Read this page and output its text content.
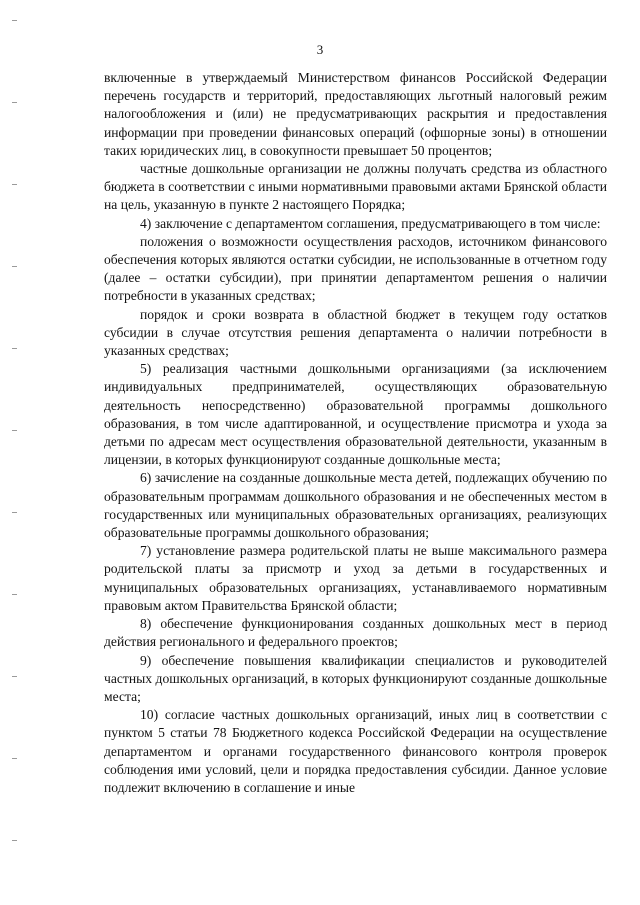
3

включенные в утверждаемый Министерством финансов Российской Федерации перечень государств и территорий, предоставляющих льготный налоговый режим налогообложения и (или) не предусматривающих раскрытия и предоставления информации при проведении финансовых операций (офшорные зоны) в отношении таких юридических лиц, в совокупности превышает 50 процентов;

частные дошкольные организации не должны получать средства из областного бюджета в соответствии с иными нормативными правовыми актами Брянской области на цель, указанную в пункте 2 настоящего Порядка;

4) заключение с департаментом соглашения, предусматривающего в том числе:

положения о возможности осуществления расходов, источником финансового обеспечения которых являются остатки субсидии, не использованные в отчетном году (далее – остатки субсидии), при принятии департаментом решения о наличии потребности в указанных средствах;

порядок и сроки возврата в областной бюджет в текущем году остатков субсидии в случае отсутствия решения департамента о наличии потребности в указанных средствах;

5) реализация частными дошкольными организациями (за исключением индивидуальных предпринимателей, осуществляющих образовательную деятельность непосредственно) образовательной программы дошкольного образования, в том числе адаптированной, и осуществление присмотра и ухода за детьми по адресам мест осуществления образовательной деятельности, указанным в лицензии, в которых функционируют созданные дошкольные места;

6) зачисление на созданные дошкольные места детей, подлежащих обучению по образовательным программам дошкольного образования и не обеспеченных местом в государственных или муниципальных образовательных организациях, реализующих образовательные программы дошкольного образования;

7) установление размера родительской платы не выше максимального размера родительской платы за присмотр и уход за детьми в государственных и муниципальных образовательных организациях, устанавливаемого нормативным правовым актом Правительства Брянской области;

8) обеспечение функционирования созданных дошкольных мест в период действия регионального и федерального проектов;

9) обеспечение повышения квалификации специалистов и руководителей частных дошкольных организаций, в которых функционируют созданные дошкольные места;

10) согласие частных дошкольных организаций, иных лиц в соответствии с пунктом 5 статьи 78 Бюджетного кодекса Российской Федерации на осуществление департаментом и органами государственного финансового контроля проверок соблюдения ими условий, цели и порядка предоставления субсидии. Данное условие подлежит включению в соглашение и иные
